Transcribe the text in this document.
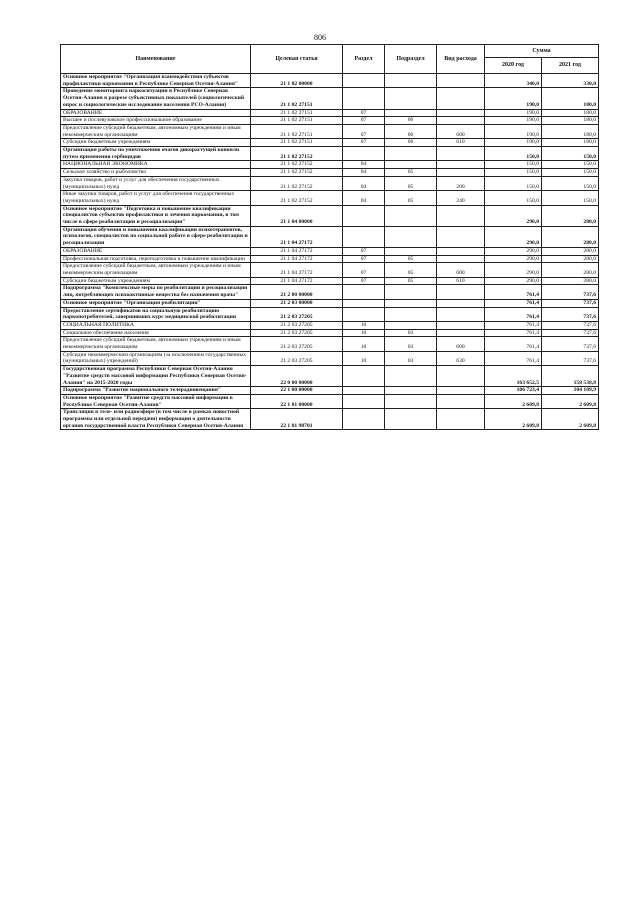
806
Наименование	Целевая статья	Раздел	Подраздел	Вид расхода	Сумма	
					2020 год	2021 год
Основное мероприятие "Организация взаимодействия субъектов профилактики наркомании в Республике Северная Осетия-Алания"	21 1 02 00000				340,0	330,0
Проведение мониторинга наркоситуации в Республике Северная Осетия-Алания в разрезе субъективных показателей (социологический опрос и социологические исследование населения РСО-Алания)	21 1 02 27151				190,0	180,0
ОБРАЗОВАНИЕ	21 1 02 27151	07			190,0	180,0
Высшее и послевузовское профессиональное образование	21 1 02 27151	07	06		190,0	180,0
Предоставление субсидий бюджетным, автономным учреждениям и иным некоммерческим организациям	21 1 02 27151	07	06	600	190,0	180,0
Субсидии бюджетным учреждениям	21 1 02 27151	07	06	610	190,0	180,0
Организация работы по уничтожению очагов дикорастущей конопли путем применения гербицидов	21 1 02 27152				150,0	150,0
НАЦИОНАЛЬНАЯ ЭКОНОМИКА	21 1 02 27152	04			150,0	150,0
Сельское хозяйство и рыболовство	21 1 02 27152	04	05		150,0	150,0
Закупка товаров, работ и услуг для обеспечения государственных (муниципальных) нужд	21 1 02 27152	04	05	200	150,0	150,0
Иные закупки товаров, работ и услуг для обеспечения государственных (муниципальных) нужд	21 1 02 27152	04	05	240	150,0	150,0
Основное мероприятие "Подготовка и повышение квалификации специалистов субъектов профилактики и лечения наркомании, в том числе в сфере реабилитации и ресоциализации"	21 1 04 00000				290,0	280,0
Организация обучения и повышения квалификации психотерапевтов, психологов, специалистов по социальной работе в сфере реабилитации и ресоциализации	21 1 04 27172				290,0	280,0
ОБРАЗОВАНИЕ	21 1 04 27172	07			290,0	280,0
Профессиональная подготовка, переподготовка и повышение квалификации	21 1 04 27172	07	05		290,0	280,0
Предоставление субсидий бюджетным, автономным учреждениям и иным некоммерческим организациям	21 1 04 27172	07	05	600	290,0	280,0
Субсидии бюджетным учреждениям	21 1 04 27172	07	05	610	290,0	280,0
Подпрограмма "Комплексные меры по реабилитации и ресоциализации лиц, потребляющих психоактивные вещества без назначения врача"	21 2 00 00000				761,4	737,6
Основное мероприятие "Организация реабилитации"	21 2 03 00000				761,4	737,6
Предоставление сертификатов на социальную реабилитацию наркопотребителей, завершивших курс медицинской реабилитации	21 2 03 27205				761,4	737,6
СОЦИАЛЬНАЯ ПОЛИТИКА	21 2 03 27205	10			761,4	737,6
Социальное обеспечение населения	21 2 03 27205	10	03		761,4	737,6
Предоставление субсидий бюджетным, автономным учреждениям и иным некоммерческим организациям	21 2 03 27205	10	03	600	761,4	737,6
Субсидии некоммерческим организациям (за исключением государственных (муниципальных) учреждений)	21 2 03 27205	10	03	630	761,4	737,6
Государственная программа Республики Северная Осетия-Алания "Развитие средств массовой информации Республики Северная Осетия-Алания" на 2015-2020 годы	22 0 00 00000				163 652,5	158 538,8
Подпрограмма "Развитие национального телерадиовещания"	22 1 00 00000				106 723,4	104 109,9
Основное мероприятие "Развитие средств массовой информации в Республике Северная Осетия-Алания"	22 1 01 00000				2 609,8	2 609,8
Трансляция в теле- или радиоэфире (в том числе в рамках новостной программы или отдельной передачи) информации о деятельности органов государственной власти Республики Северная Осетия-Алания	22 1 01 98701				2 609,8	2 609,8
